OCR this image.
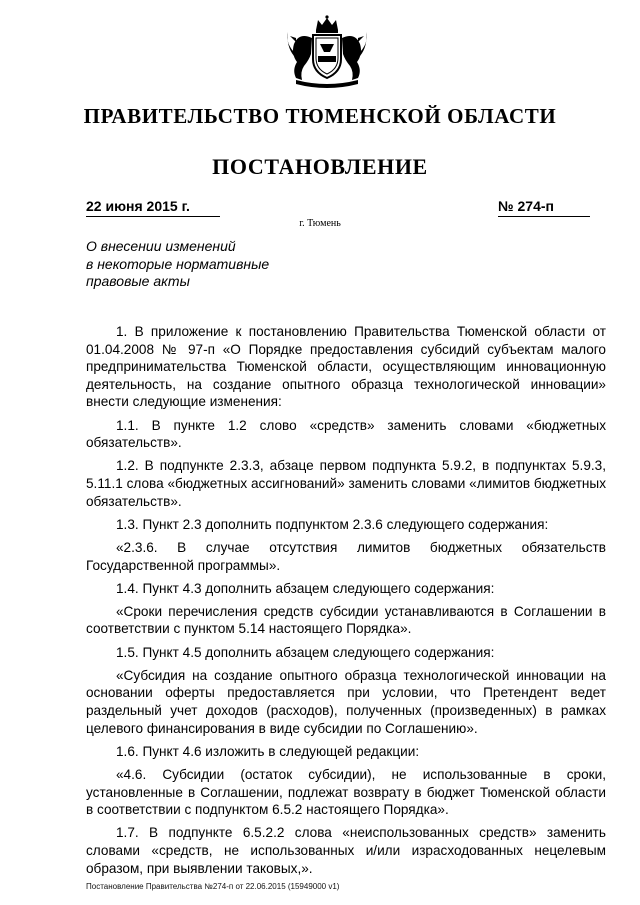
ПРАВИТЕЛЬСТВО ТЮМЕНСКОЙ ОБЛАСТИ
ПОСТАНОВЛЕНИЕ
22 июня 2015 г.	№ 274-п
г. Тюмень
О внесении изменений
в некоторые нормативные
правовые акты

1. В приложение к постановлению Правительства Тюменской области от 01.04.2008 № 97-п «О Порядке предоставления субсидий субъектам малого предпринимательства Тюменской области, осуществляющим инновационную деятельность, на создание опытного образца технологической инновации» внести следующие изменения:

1.1. В пункте 1.2 слово «средств» заменить словами «бюджетных обязательств».

1.2. В подпункте 2.3.3, абзаце первом подпункта 5.9.2, в подпунктах 5.9.3, 5.11.1 слова «бюджетных ассигнований» заменить словами «лимитов бюджетных обязательств».

1.3. Пункт 2.3 дополнить подпунктом 2.3.6 следующего содержания:

«2.3.6. В случае отсутствия лимитов бюджетных обязательств Государственной программы».

1.4. Пункт 4.3 дополнить абзацем следующего содержания:

«Сроки перечисления средств субсидии устанавливаются в Соглашении в соответствии с пунктом 5.14 настоящего Порядка».

1.5. Пункт 4.5 дополнить абзацем следующего содержания:

«Субсидия на создание опытного образца технологической инновации на основании оферты предоставляется при условии, что Претендент ведет раздельный учет доходов (расходов), полученных (произведенных) в рамках целевого финансирования в виде субсидии по Соглашению».

1.6. Пункт 4.6 изложить в следующей редакции:

«4.6. Субсидии (остаток субсидии), не использованные в сроки, установленные в Соглашении, подлежат возврату в бюджет Тюменской области в соответствии с подпунктом 6.5.2 настоящего Порядка».

1.7. В подпункте 6.5.2.2 слова «неиспользованных средств» заменить словами «средств, не использованных и/или израсходованных нецелевым образом, при выявлении таковых,».

Постановление Правительства №274-п от 22.06.2015 (15949000 v1)
